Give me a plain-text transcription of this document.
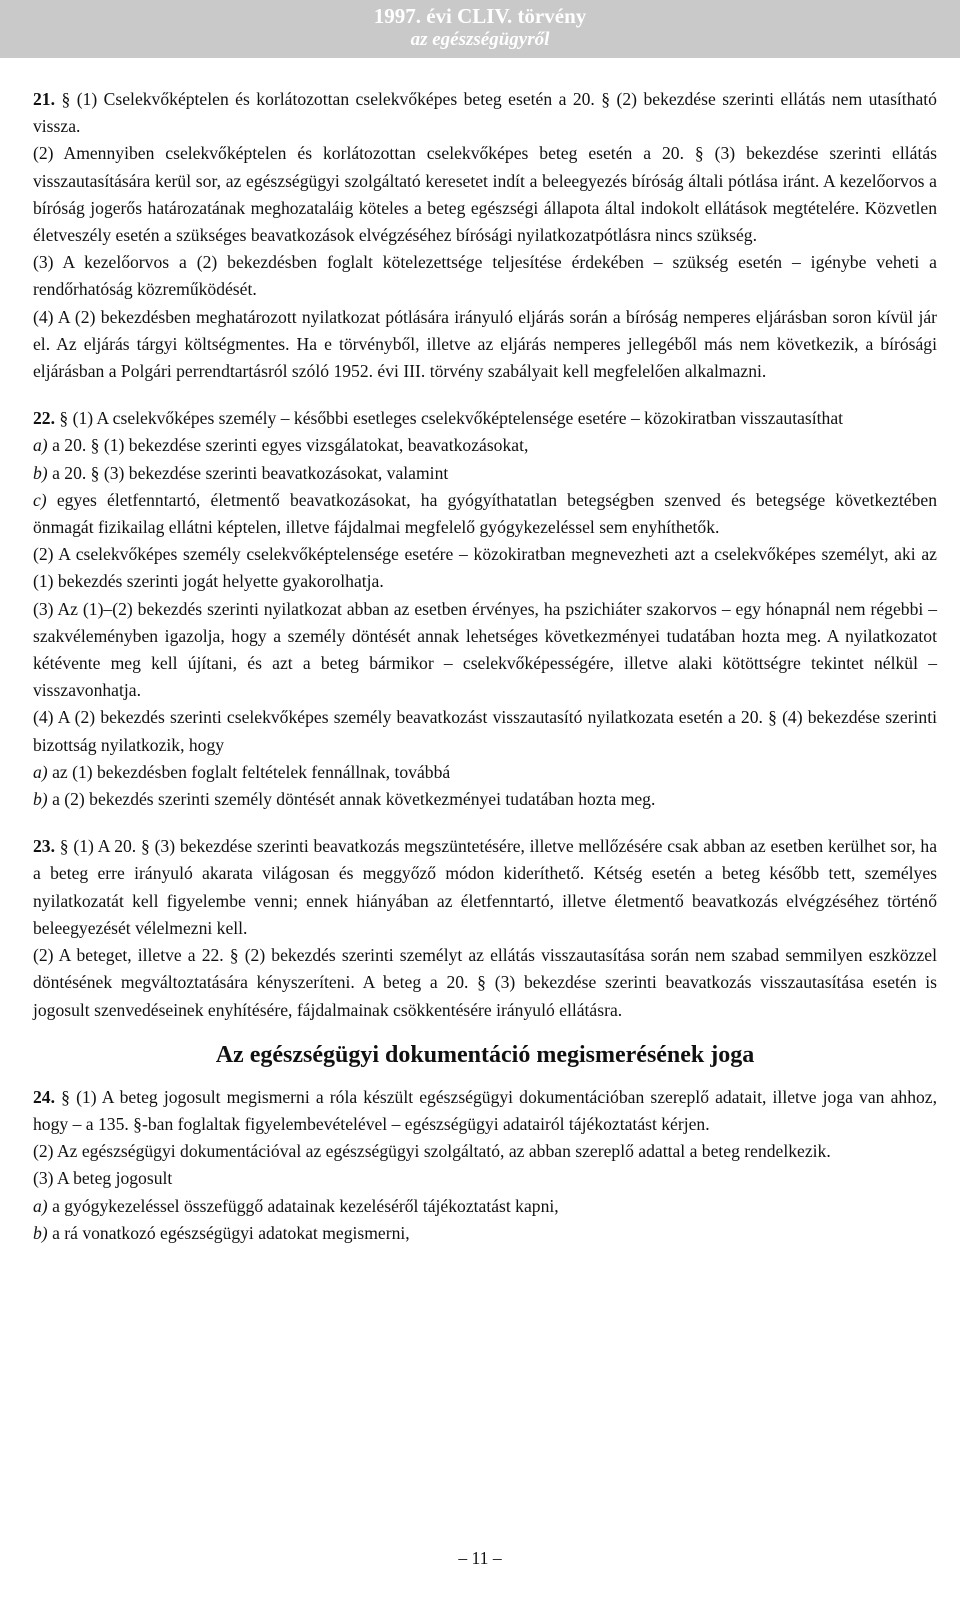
1997. évi CLIV. törvény
az egészségügyről

21. § (1) Cselekvőképtelen és korlátozottan cselekvőképes beteg esetén a 20. § (2) bekezdése szerinti ellátás nem utasítható vissza.

(2) Amennyiben cselekvőképtelen és korlátozottan cselekvőképes beteg esetén a 20. § (3) bekezdése szerinti ellátás visszautasítására kerül sor, az egészségügyi szolgáltató keresetet indít a beleegyezés bíróság általi pótlása iránt. A kezelőorvos a bíróság jogerős határozatának meghozataláig köteles a beteg egészségi állapota által indokolt ellátások megtételére. Közvetlen életveszély esetén a szükséges beavatkozások elvégzéséhez bírósági nyilatkozatpótlásra nincs szükség.

(3) A kezelőorvos a (2) bekezdésben foglalt kötelezettsége teljesítése érdekében – szükség esetén – igénybe veheti a rendőrhatóság közreműködését.

(4) A (2) bekezdésben meghatározott nyilatkozat pótlására irányuló eljárás során a bíróság nemperes eljárásban soron kívül jár el. Az eljárás tárgyi költségmentes. Ha e törvényből, illetve az eljárás nemperes jellegéből más nem következik, a bírósági eljárásban a Polgári perrendtartásról szóló 1952. évi III. törvény szabályait kell megfelelően alkalmazni.

22. § (1) A cselekvőképes személy – későbbi esetleges cselekvőképtelensége esetére – közokiratban visszautasíthat

a) a 20. § (1) bekezdése szerinti egyes vizsgálatokat, beavatkozásokat,

b) a 20. § (3) bekezdése szerinti beavatkozásokat, valamint

c) egyes életfenntartó, életmentő beavatkozásokat, ha gyógyíthatatlan betegségben szenved és betegsége következtében önmagát fizikailag ellátni képtelen, illetve fájdalmai megfelelő gyógykezeléssel sem enyhíthetők.

(2) A cselekvőképes személy cselekvőképtelensége esetére – közokiratban megnevezheti azt a cselekvőképes személyt, aki az (1) bekezdés szerinti jogát helyette gyakorolhatja.

(3) Az (1)–(2) bekezdés szerinti nyilatkozat abban az esetben érvényes, ha pszichiáter szakorvos – egy hónapnál nem régebbi – szakvéleményben igazolja, hogy a személy döntését annak lehetséges következményei tudatában hozta meg. A nyilatkozatot kétévente meg kell újítani, és azt a beteg bármikor – cselekvőképességére, illetve alaki kötöttségre tekintet nélkül – visszavonhatja.

(4) A (2) bekezdés szerinti cselekvőképes személy beavatkozást visszautasító nyilatkozata esetén a 20. § (4) bekezdése szerinti bizottság nyilatkozik, hogy

a) az (1) bekezdésben foglalt feltételek fennállnak, továbbá

b) a (2) bekezdés szerinti személy döntését annak következményei tudatában hozta meg.

23. § (1) A 20. § (3) bekezdése szerinti beavatkozás megszüntetésére, illetve mellőzésére csak abban az esetben kerülhet sor, ha a beteg erre irányuló akarata világosan és meggyőző módon kideríthető. Kétség esetén a beteg később tett, személyes nyilatkozatát kell figyelembe venni; ennek hiányában az életfenntartó, illetve életmentő beavatkozás elvégzéséhez történő beleegyezését vélelmezni kell.

(2) A beteget, illetve a 22. § (2) bekezdés szerinti személyt az ellátás visszautasítása során nem szabad semmilyen eszközzel döntésének megváltoztatására kényszeríteni. A beteg a 20. § (3) bekezdése szerinti beavatkozás visszautasítása esetén is jogosult szenvedéseinek enyhítésére, fájdalmainak csökkentésére irányuló ellátásra.

Az egészségügyi dokumentáció megismerésének joga

24. § (1) A beteg jogosult megismerni a róla készült egészségügyi dokumentációban szereplő adatait, illetve joga van ahhoz, hogy – a 135. §-ban foglaltak figyelembevételével – egészségügyi adatairól tájékoztatást kérjen.

(2) Az egészségügyi dokumentációval az egészségügyi szolgáltató, az abban szereplő adattal a beteg rendelkezik.

(3) A beteg jogosult

a) a gyógykezeléssel összefüggő adatainak kezeléséről tájékoztatást kapni,

b) a rá vonatkozó egészségügyi adatokat megismerni,

– 11 –
